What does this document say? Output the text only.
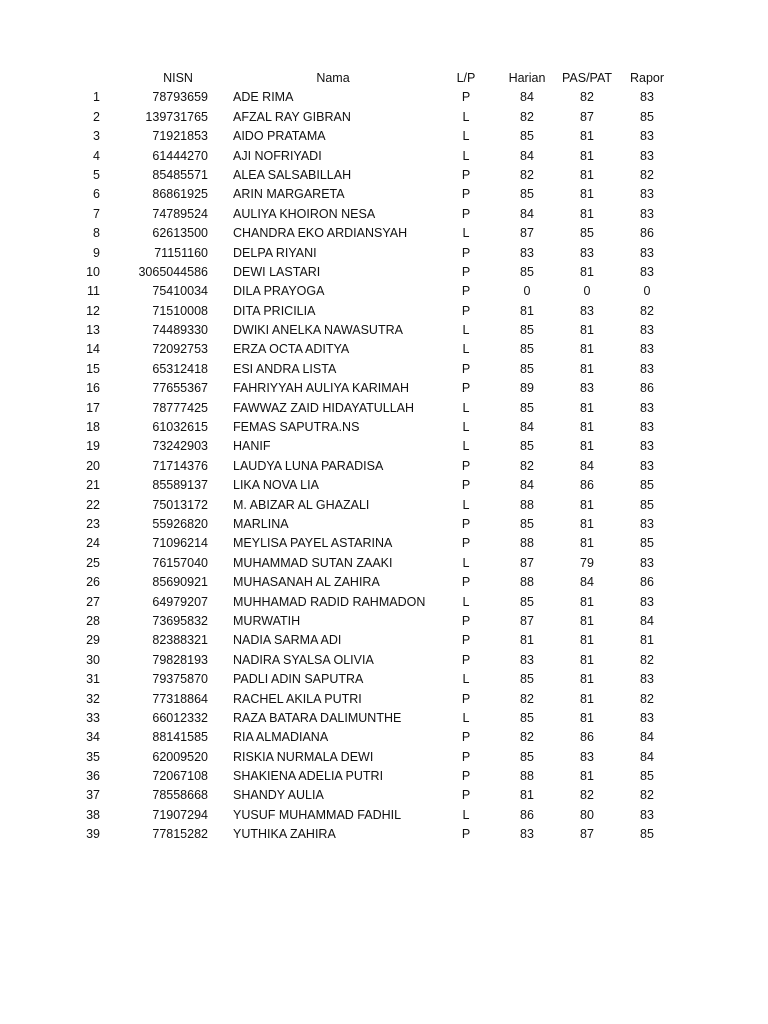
NISN	Nama	L/P	Harian	PAS/PAT	Rapor
1	78793659 ADE RIMA	P	84	82	83
2	139731765 AFZAL RAY GIBRAN	L	82	87	85
3	71921853 AIDO PRATAMA	L	85	81	83
4	61444270 AJI NOFRIYADI	L	84	81	83
5	85485571 ALEA SALSABILLAH	P	82	81	82
6	86861925 ARIN MARGARETA	P	85	81	83
7	74789524 AULIYA KHOIRON NESA	P	84	81	83
8	62613500 CHANDRA EKO ARDIANSYAH	L	87	85	86
9	71151160 DELPA RIYANI	P	83	83	83
10	3065044586 DEWI LASTARI	P	85	81	83
11	75410034 DILA PRAYOGA	P	0	0	0
12	71510008 DITA PRICILIA	P	81	83	82
13	74489330 DWIKI ANELKA NAWASUTRA	L	85	81	83
14	72092753 ERZA OCTA ADITYA	L	85	81	83
15	65312418 ESI ANDRA LISTA	P	85	81	83
16	77655367 FAHRIYYAH AULIYA KARIMAH	P	89	83	86
17	78777425 FAWWAZ ZAID HIDAYATULLAH	L	85	81	83
18	61032615 FEMAS SAPUTRA.NS	L	84	81	83
19	73242903 HANIF	L	85	81	83
20	71714376 LAUDYA LUNA PARADISA	P	82	84	83
21	85589137 LIKA NOVA LIA	P	84	86	85
22	75013172 M. ABIZAR AL GHAZALI	L	88	81	85
23	55926820 MARLINA	P	85	81	83
24	71096214 MEYLISA PAYEL ASTARINA	P	88	81	85
25	76157040 MUHAMMAD SUTAN ZAAKI	L	87	79	83
26	85690921 MUHASANAH AL ZAHIRA	P	88	84	86
27	64979207 MUHHAMAD RADID RAHMADON	L	85	81	83
28	73695832 MURWATIH	P	87	81	84
29	82388321 NADIA SARMA ADI	P	81	81	81
30	79828193 NADIRA SYALSA OLIVIA	P	83	81	82
31	79375870 PADLI ADIN SAPUTRA	L	85	81	83
32	77318864 RACHEL AKILA PUTRI	P	82	81	82
33	66012332 RAZA BATARA DALIMUNTHE	L	85	81	83
34	88141585 RIA ALMADIANA	P	82	86	84
35	62009520 RISKIA NURMALA DEWI	P	85	83	84
36	72067108 SHAKIENA ADELIA PUTRI	P	88	81	85
37	78558668 SHANDY AULIA	P	81	82	82
38	71907294 YUSUF MUHAMMAD FADHIL	L	86	80	83
39	77815282 YUTHIKA ZAHIRA	P	83	87	85
